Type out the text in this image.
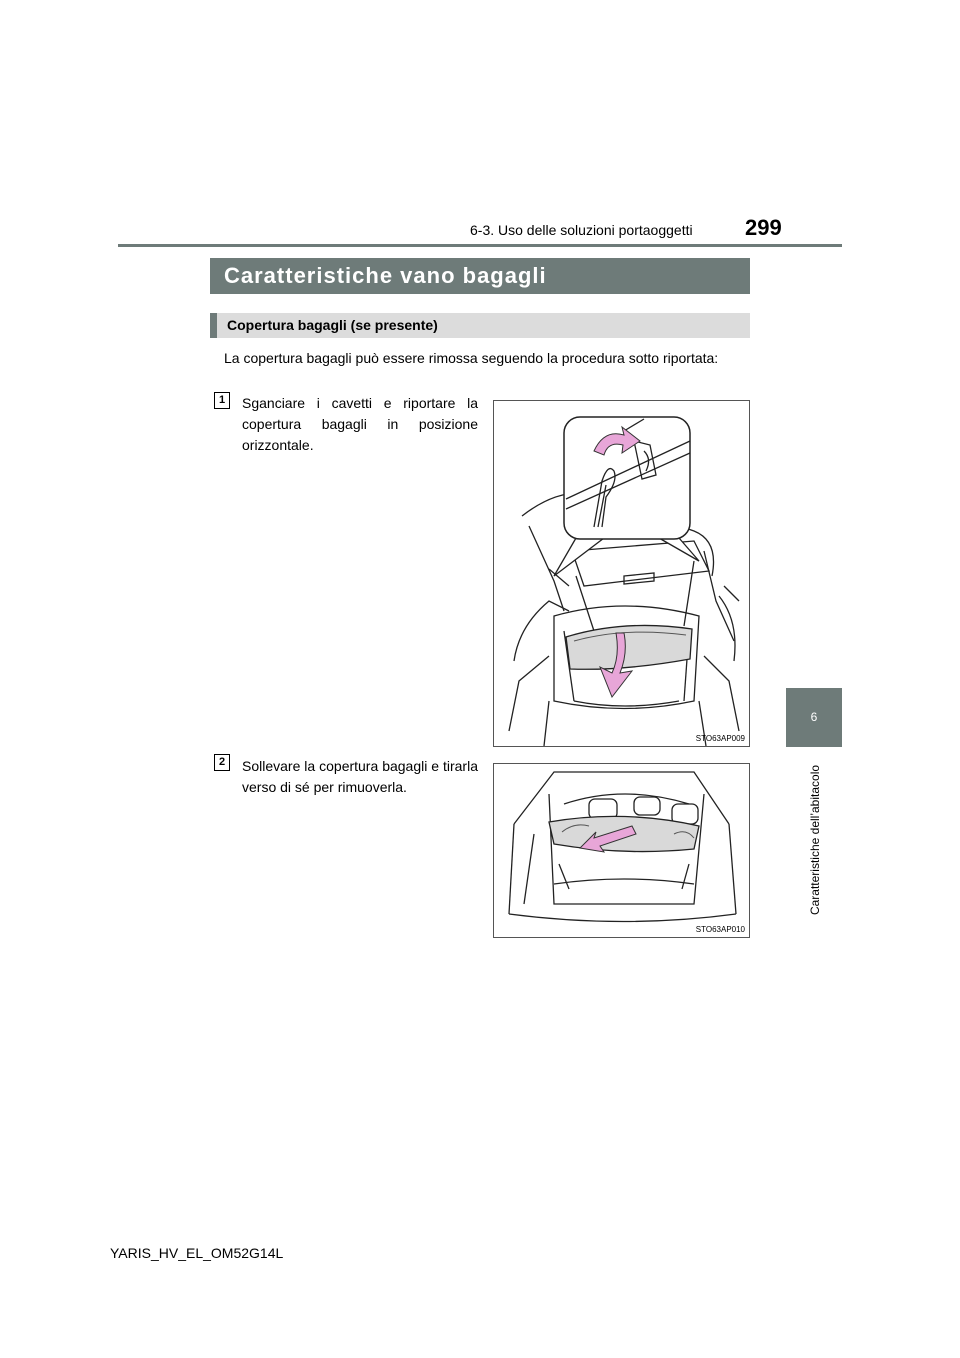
6-3. Uso delle soluzioni portaoggetti 299
Caratteristiche vano bagagli
Copertura bagagli (se presente)
La copertura bagagli può essere rimossa seguendo la procedura sotto riportata:
1	Sganciare i cavetti e riportare la copertura bagagli in posizione orizzontale.
STO63AP009
2	Sollevare la copertura bagagli e tirarla verso di sé per rimuoverla.
STO63AP010
6
Caratteristiche dell’abitacolo
YARIS_HV_EL_OM52G14L
